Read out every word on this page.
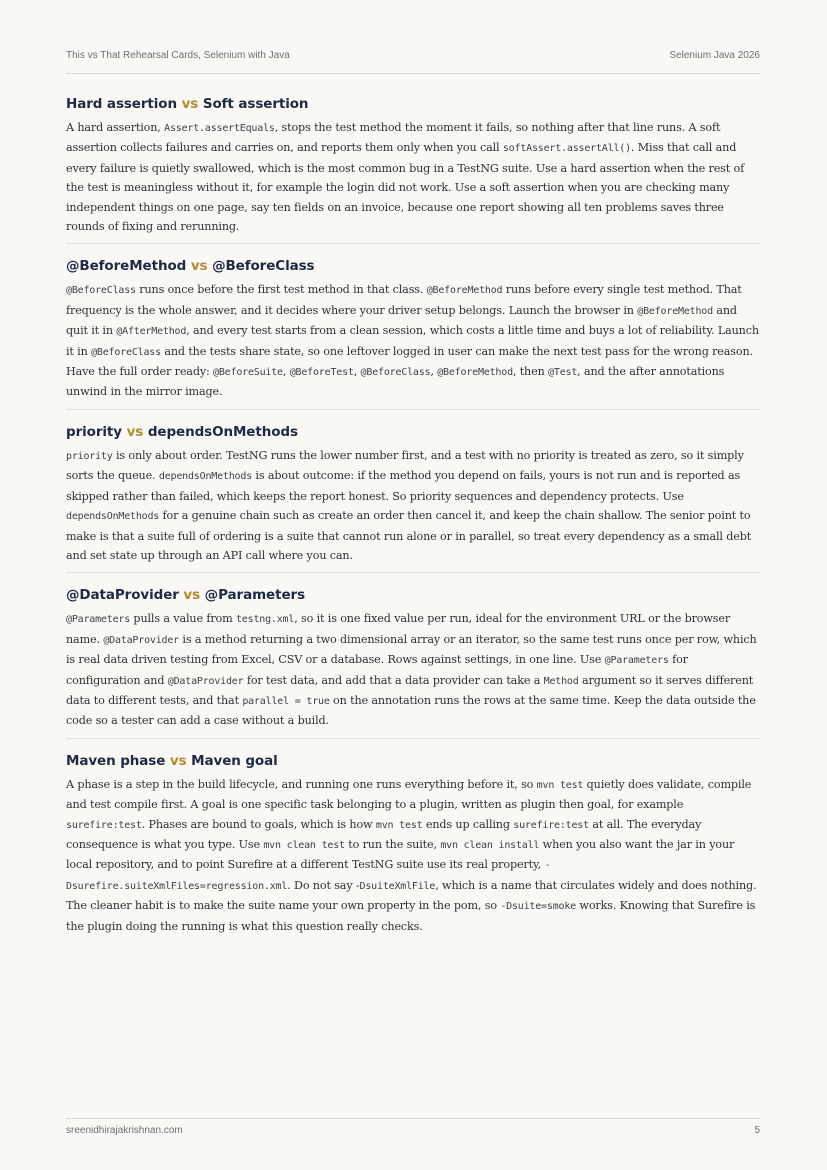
This vs That Rehearsal Cards, Selenium with Java	Selenium Java 2026
Hard assertion vs Soft assertion

A hard assertion, Assert.assertEquals, stops the test method the moment it fails, so nothing after that line runs. A soft assertion collects failures and carries on, and reports them only when you call softAssert.assertAll(). Miss that call and every failure is quietly swallowed, which is the most common bug in a TestNG suite. Use a hard assertion when the rest of the test is meaningless without it, for example the login did not work. Use a soft assertion when you are checking many independent things on one page, say ten fields on an invoice, because one report showing all ten problems saves three rounds of fixing and rerunning.

@BeforeMethod vs @BeforeClass

@BeforeClass runs once before the first test method in that class. @BeforeMethod runs before every single test method. That frequency is the whole answer, and it decides where your driver setup belongs. Launch the browser in @BeforeMethod and quit it in @AfterMethod, and every test starts from a clean session, which costs a little time and buys a lot of reliability. Launch it in @BeforeClass and the tests share state, so one leftover logged in user can make the next test pass for the wrong reason. Have the full order ready: @BeforeSuite, @BeforeTest, @BeforeClass, @BeforeMethod, then @Test, and the after annotations unwind in the mirror image.

priority vs dependsOnMethods

priority is only about order. TestNG runs the lower number first, and a test with no priority is treated as zero, so it simply sorts the queue. dependsOnMethods is about outcome: if the method you depend on fails, yours is not run and is reported as skipped rather than failed, which keeps the report honest. So priority sequences and dependency protects. Use dependsOnMethods for a genuine chain such as create an order then cancel it, and keep the chain shallow. The senior point to make is that a suite full of ordering is a suite that cannot run alone or in parallel, so treat every dependency as a small debt and set state up through an API call where you can.

@DataProvider vs @Parameters

@Parameters pulls a value from testng.xml, so it is one fixed value per run, ideal for the environment URL or the browser name. @DataProvider is a method returning a two dimensional array or an iterator, so the same test runs once per row, which is real data driven testing from Excel, CSV or a database. Rows against settings, in one line. Use @Parameters for configuration and @DataProvider for test data, and add that a data provider can take a Method argument so it serves different data to different tests, and that parallel = true on the annotation runs the rows at the same time. Keep the data outside the code so a tester can add a case without a build.

Maven phase vs Maven goal

A phase is a step in the build lifecycle, and running one runs everything before it, so mvn test quietly does validate, compile and test compile first. A goal is one specific task belonging to a plugin, written as plugin then goal, for example surefire:test. Phases are bound to goals, which is how mvn test ends up calling surefire:test at all. The everyday consequence is what you type. Use mvn clean test to run the suite, mvn clean install when you also want the jar in your local repository, and to point Surefire at a different TestNG suite use its real property, -Dsurefire.suiteXmlFiles=regression.xml. Do not say -DsuiteXmlFile, which is a name that circulates widely and does nothing. The cleaner habit is to make the suite name your own property in the pom, so -Dsuite=smoke works. Knowing that Surefire is the plugin doing the running is what this question really checks.

sreenidhirajakrishnan.com	5
